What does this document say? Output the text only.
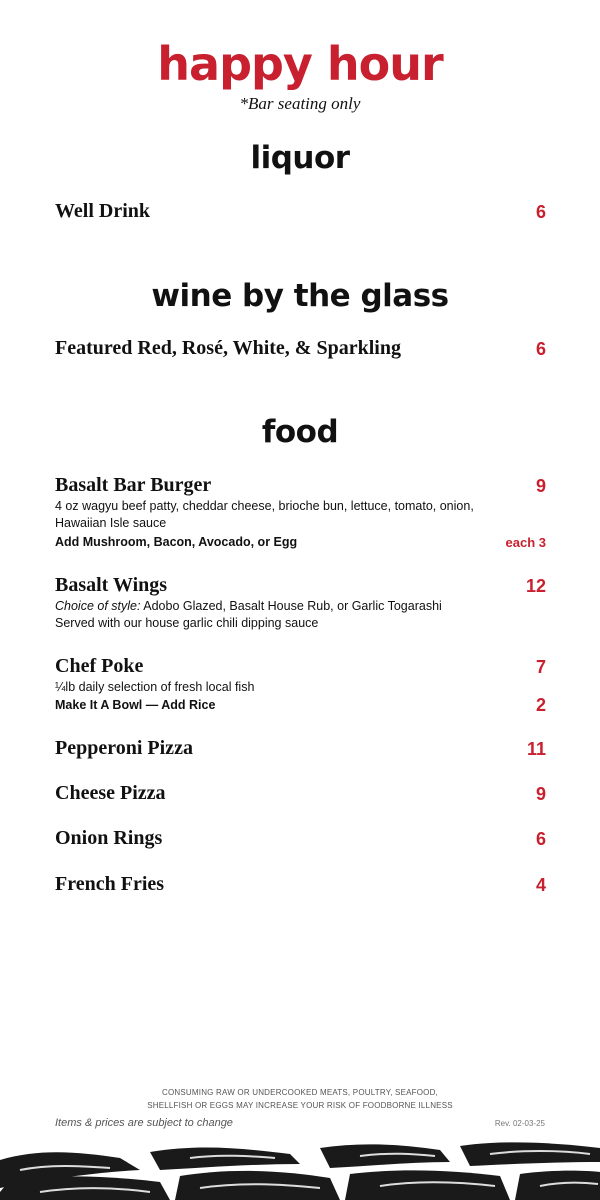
happy hour
*Bar seating only
liquor
Well Drink	6
wine by the glass
Featured Red, Rosé, White, & Sparkling	6
food
Basalt Bar Burger	9
4 oz wagyu beef patty, cheddar cheese, brioche bun, lettuce, tomato, onion, Hawaiian Isle sauce
Add Mushroom, Bacon, Avocado, or Egg	each 3
Basalt Wings	12
Choice of style: Adobo Glazed, Basalt House Rub, or Garlic Togarashi
Served with our house garlic chili dipping sauce
Chef Poke	7
¼lb daily selection of fresh local fish
Make It A Bowl — Add Rice	2
Pepperoni Pizza	11
Cheese Pizza	9
Onion Rings	6
French Fries	4
CONSUMING RAW OR UNDERCOOKED MEATS, POULTRY, SEAFOOD,
SHELLFISH OR EGGS MAY INCREASE YOUR RISK OF FOODBORNE ILLNESS
Items & prices are subject to change	Rev. 02-03-25
